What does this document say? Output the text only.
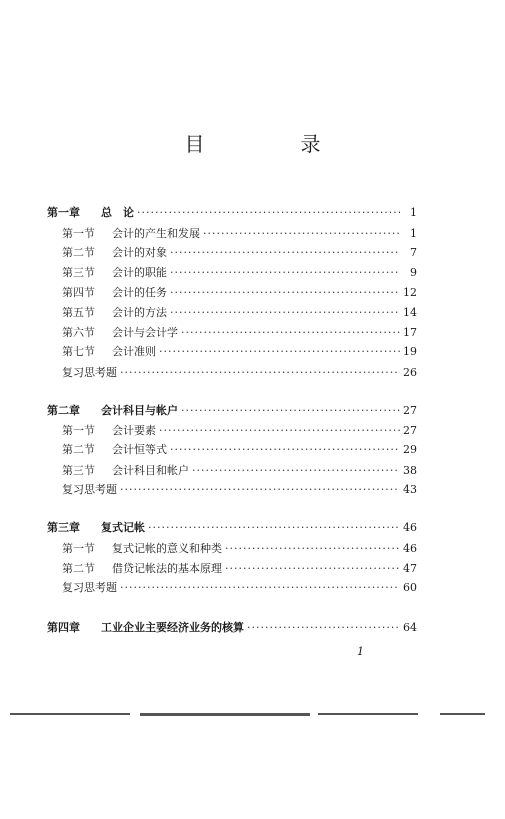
目　录
第一章	总　论 ·····	1
第一节	会计的产生和发展 ·····	1
第二节	会计的对象 ·····	7
第三节	会计的职能 ·····	9
第四节	会计的任务 ·····	12
第五节	会计的方法 ·····	14
第六节	会计与会计学 ·····	17
第七节	会计准则 ·····	19
复习思考题 ·····	26
第二章	会计科目与帐户 ·····	27
第一节	会计要素 ·····	27
第二节	会计恒等式 ·····	29
第三节	会计科目和帐户 ·····	38
复习思考题 ·····	43
第三章	复式记帐 ·····	46
第一节	复式记帐的意义和种类 ·····	46
第二节	借贷记帐法的基本原理 ·····	47
复习思考题 ·····	60
第四章	工业企业主要经济业务的核算 ·····	64
1
